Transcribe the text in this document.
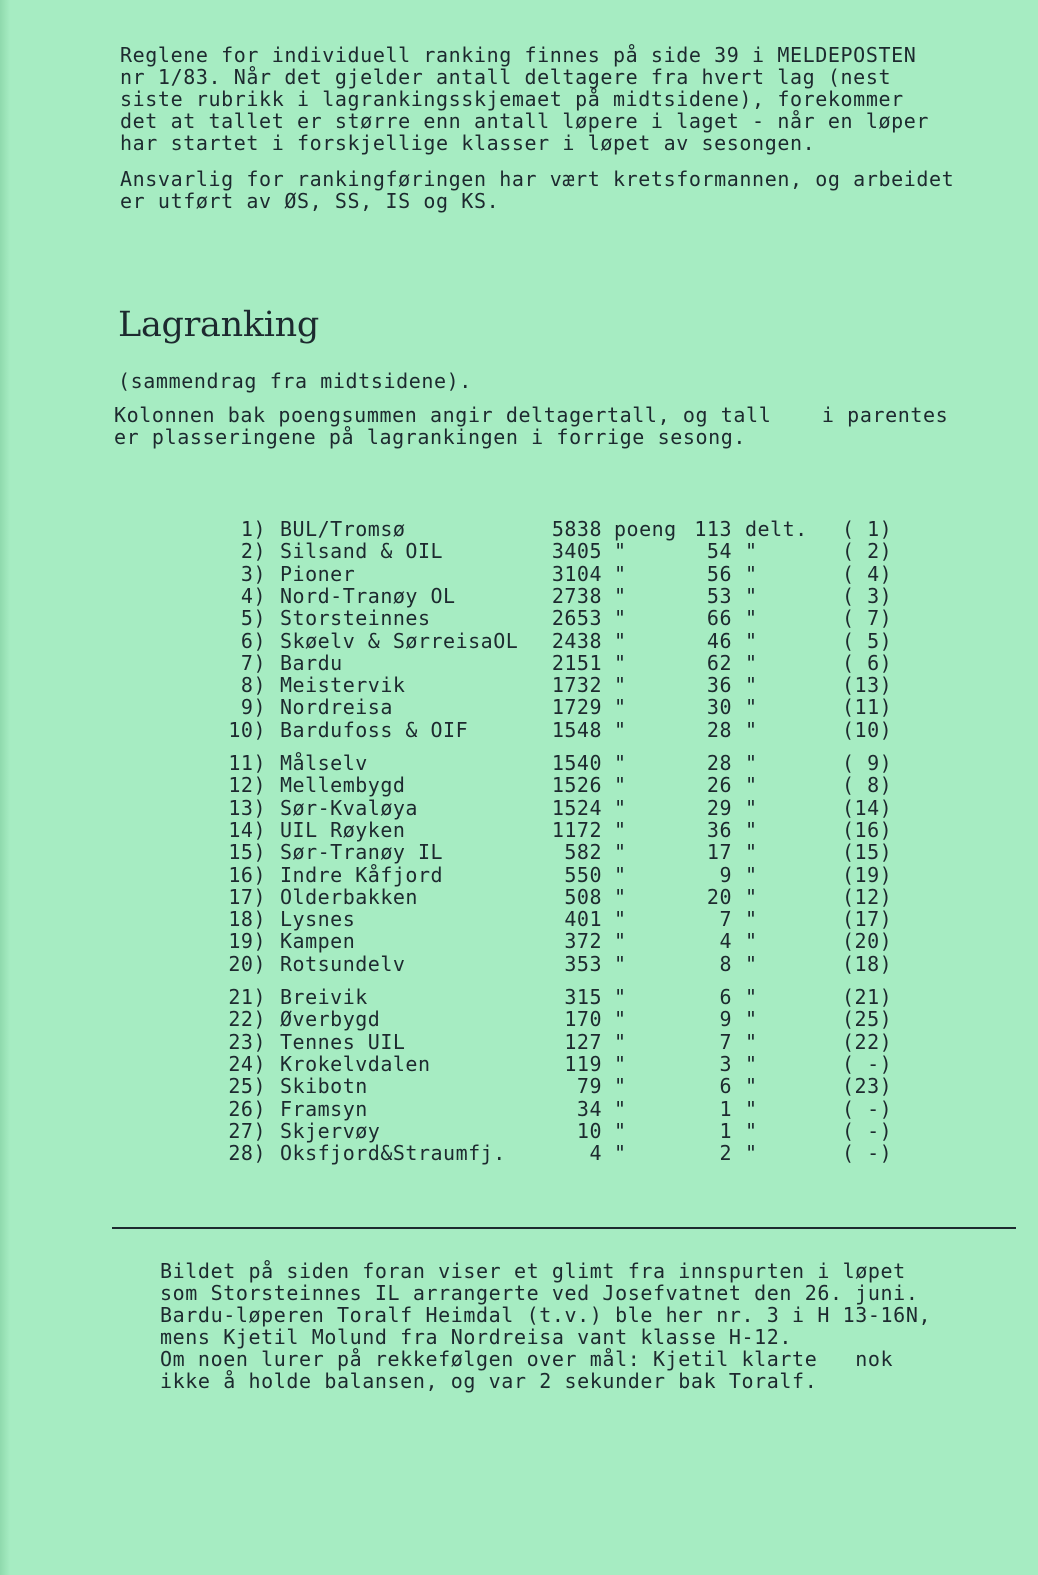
Reglene for individuell ranking finnes på side 39 i MELDEPOSTEN
nr 1/83. Når det gjelder antall deltagere fra hvert lag (nest
siste rubrikk i lagrankingsskjemaet på midtsidene), forekommer
det at tallet er større enn antall løpere i laget - når en løper
har startet i forskjellige klasser i løpet av sesongen.

Ansvarlig for rankingføringen har vært kretsformannen, og arbeidet
er utført av ØS, SS, IS og KS.

Lagranking

(sammendrag fra midtsidene).

Kolonnen bak poengsummen angir deltagertall, og tall    i parentes
er plasseringene på lagrankingen i forrige sesong.

1) BUL/Tromsø	5838 poeng 113 delt.	( 1)
2) Silsand & OIL	3405 "	54 "	( 2)
3) Pioner	3104 "	56 "	( 4)
4) Nord-Tranøy OL	2738 "	53 "	( 3)
5) Storsteinnes	2653 "	66 "	( 7)
6) Skøelv & SørreisaOL	2438 "	46 "	( 5)
7) Bardu	2151 "	62 "	( 6)
8) Meistervik	1732 "	36 "	(13)
9) Nordreisa	1729 "	30 "	(11)
10) Bardufoss & OIF	1548 "	28 "	(10)
11) Målselv	1540 "	28 "	( 9)
12) Mellembygd	1526 "	26 "	( 8)
13) Sør-Kvaløya	1524 "	29 "	(14)
14) UIL Røyken	1172 "	36 "	(16)
15) Sør-Tranøy IL	582 "	17 "	(15)
16) Indre Kåfjord	550 "	9 "	(19)
17) Olderbakken	508 "	20 "	(12)
18) Lysnes	401 "	7 "	(17)
19) Kampen	372 "	4 "	(20)
20) Rotsundelv	353 "	8 "	(18)
21) Breivik	315 "	6 "	(21)
22) Øverbygd	170 "	9 "	(25)
23) Tennes UIL	127 "	7 "	(22)
24) Krokelvdalen	119 "	3 "	( -)
25) Skibotn	79 "	6 "	(23)
26) Framsyn	34 "	1 "	( -)
27) Skjervøy	10 "	1 "	( -)
28) Oksfjord&Straumfj.	4 "	2 "	( -)

Bildet på siden foran viser et glimt fra innspurten i løpet
som Storsteinnes IL arrangerte ved Josefvatnet den 26. juni.
Bardu-løperen Toralf Heimdal (t.v.) ble her nr. 3 i H 13-16N,
mens Kjetil Molund fra Nordreisa vant klasse H-12.
Om noen lurer på rekkefølgen over mål: Kjetil klarte   nok
ikke å holde balansen, og var 2 sekunder bak Toralf.
